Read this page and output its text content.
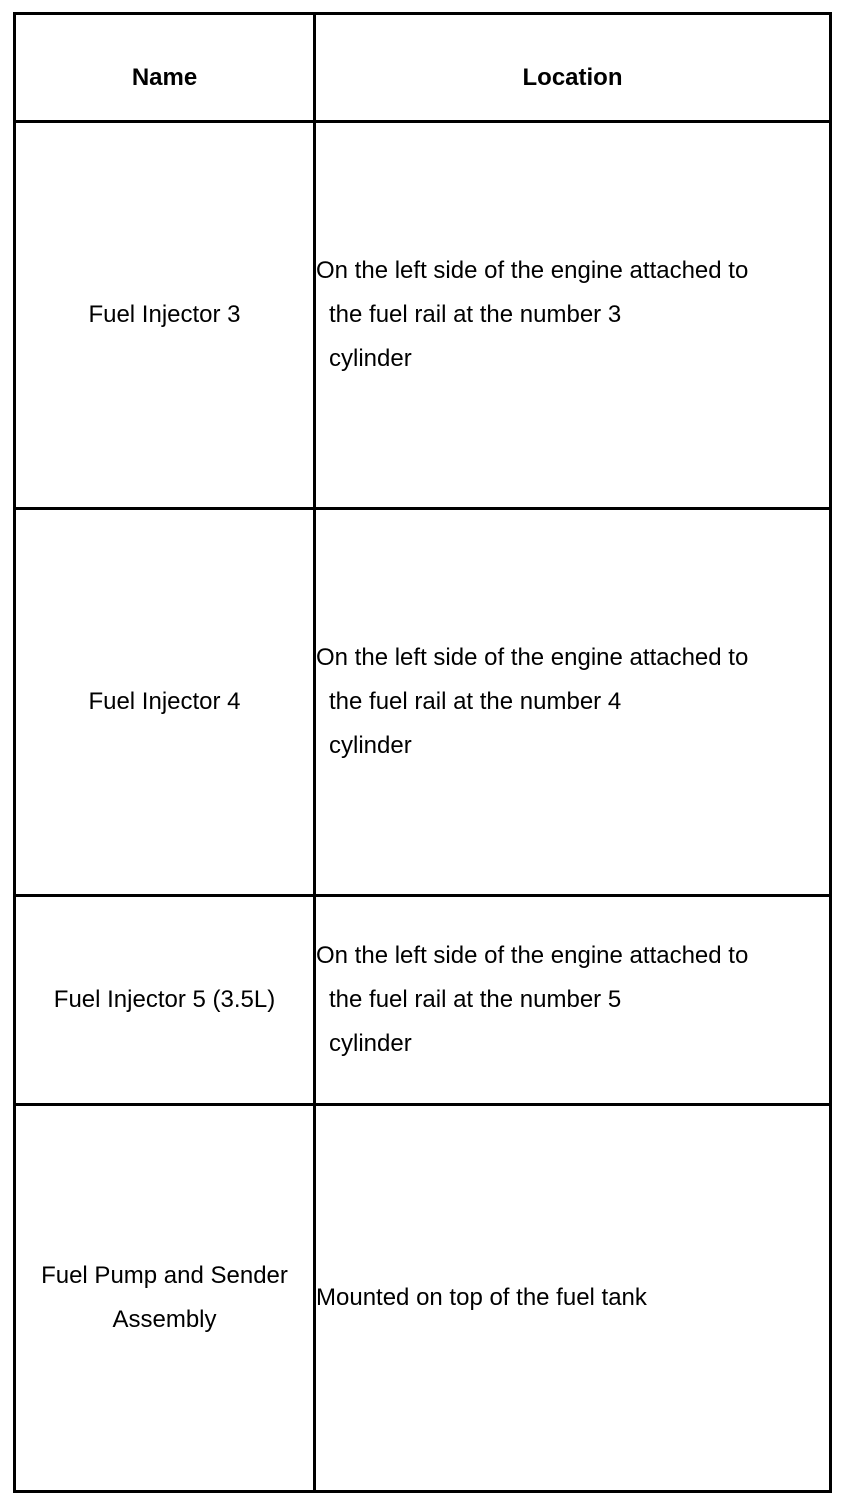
Name	Location

Fuel Injector 3	On the left side of the engine attached to
the fuel rail at the number 3
cylinder

Fuel Injector 4	On the left side of the engine attached to
the fuel rail at the number 4
cylinder

Fuel Injector 5 (3.5L)	On the left side of the engine attached to
the fuel rail at the number 5
cylinder

Fuel Pump and Sender
Assembly	Mounted on top of the fuel tank
